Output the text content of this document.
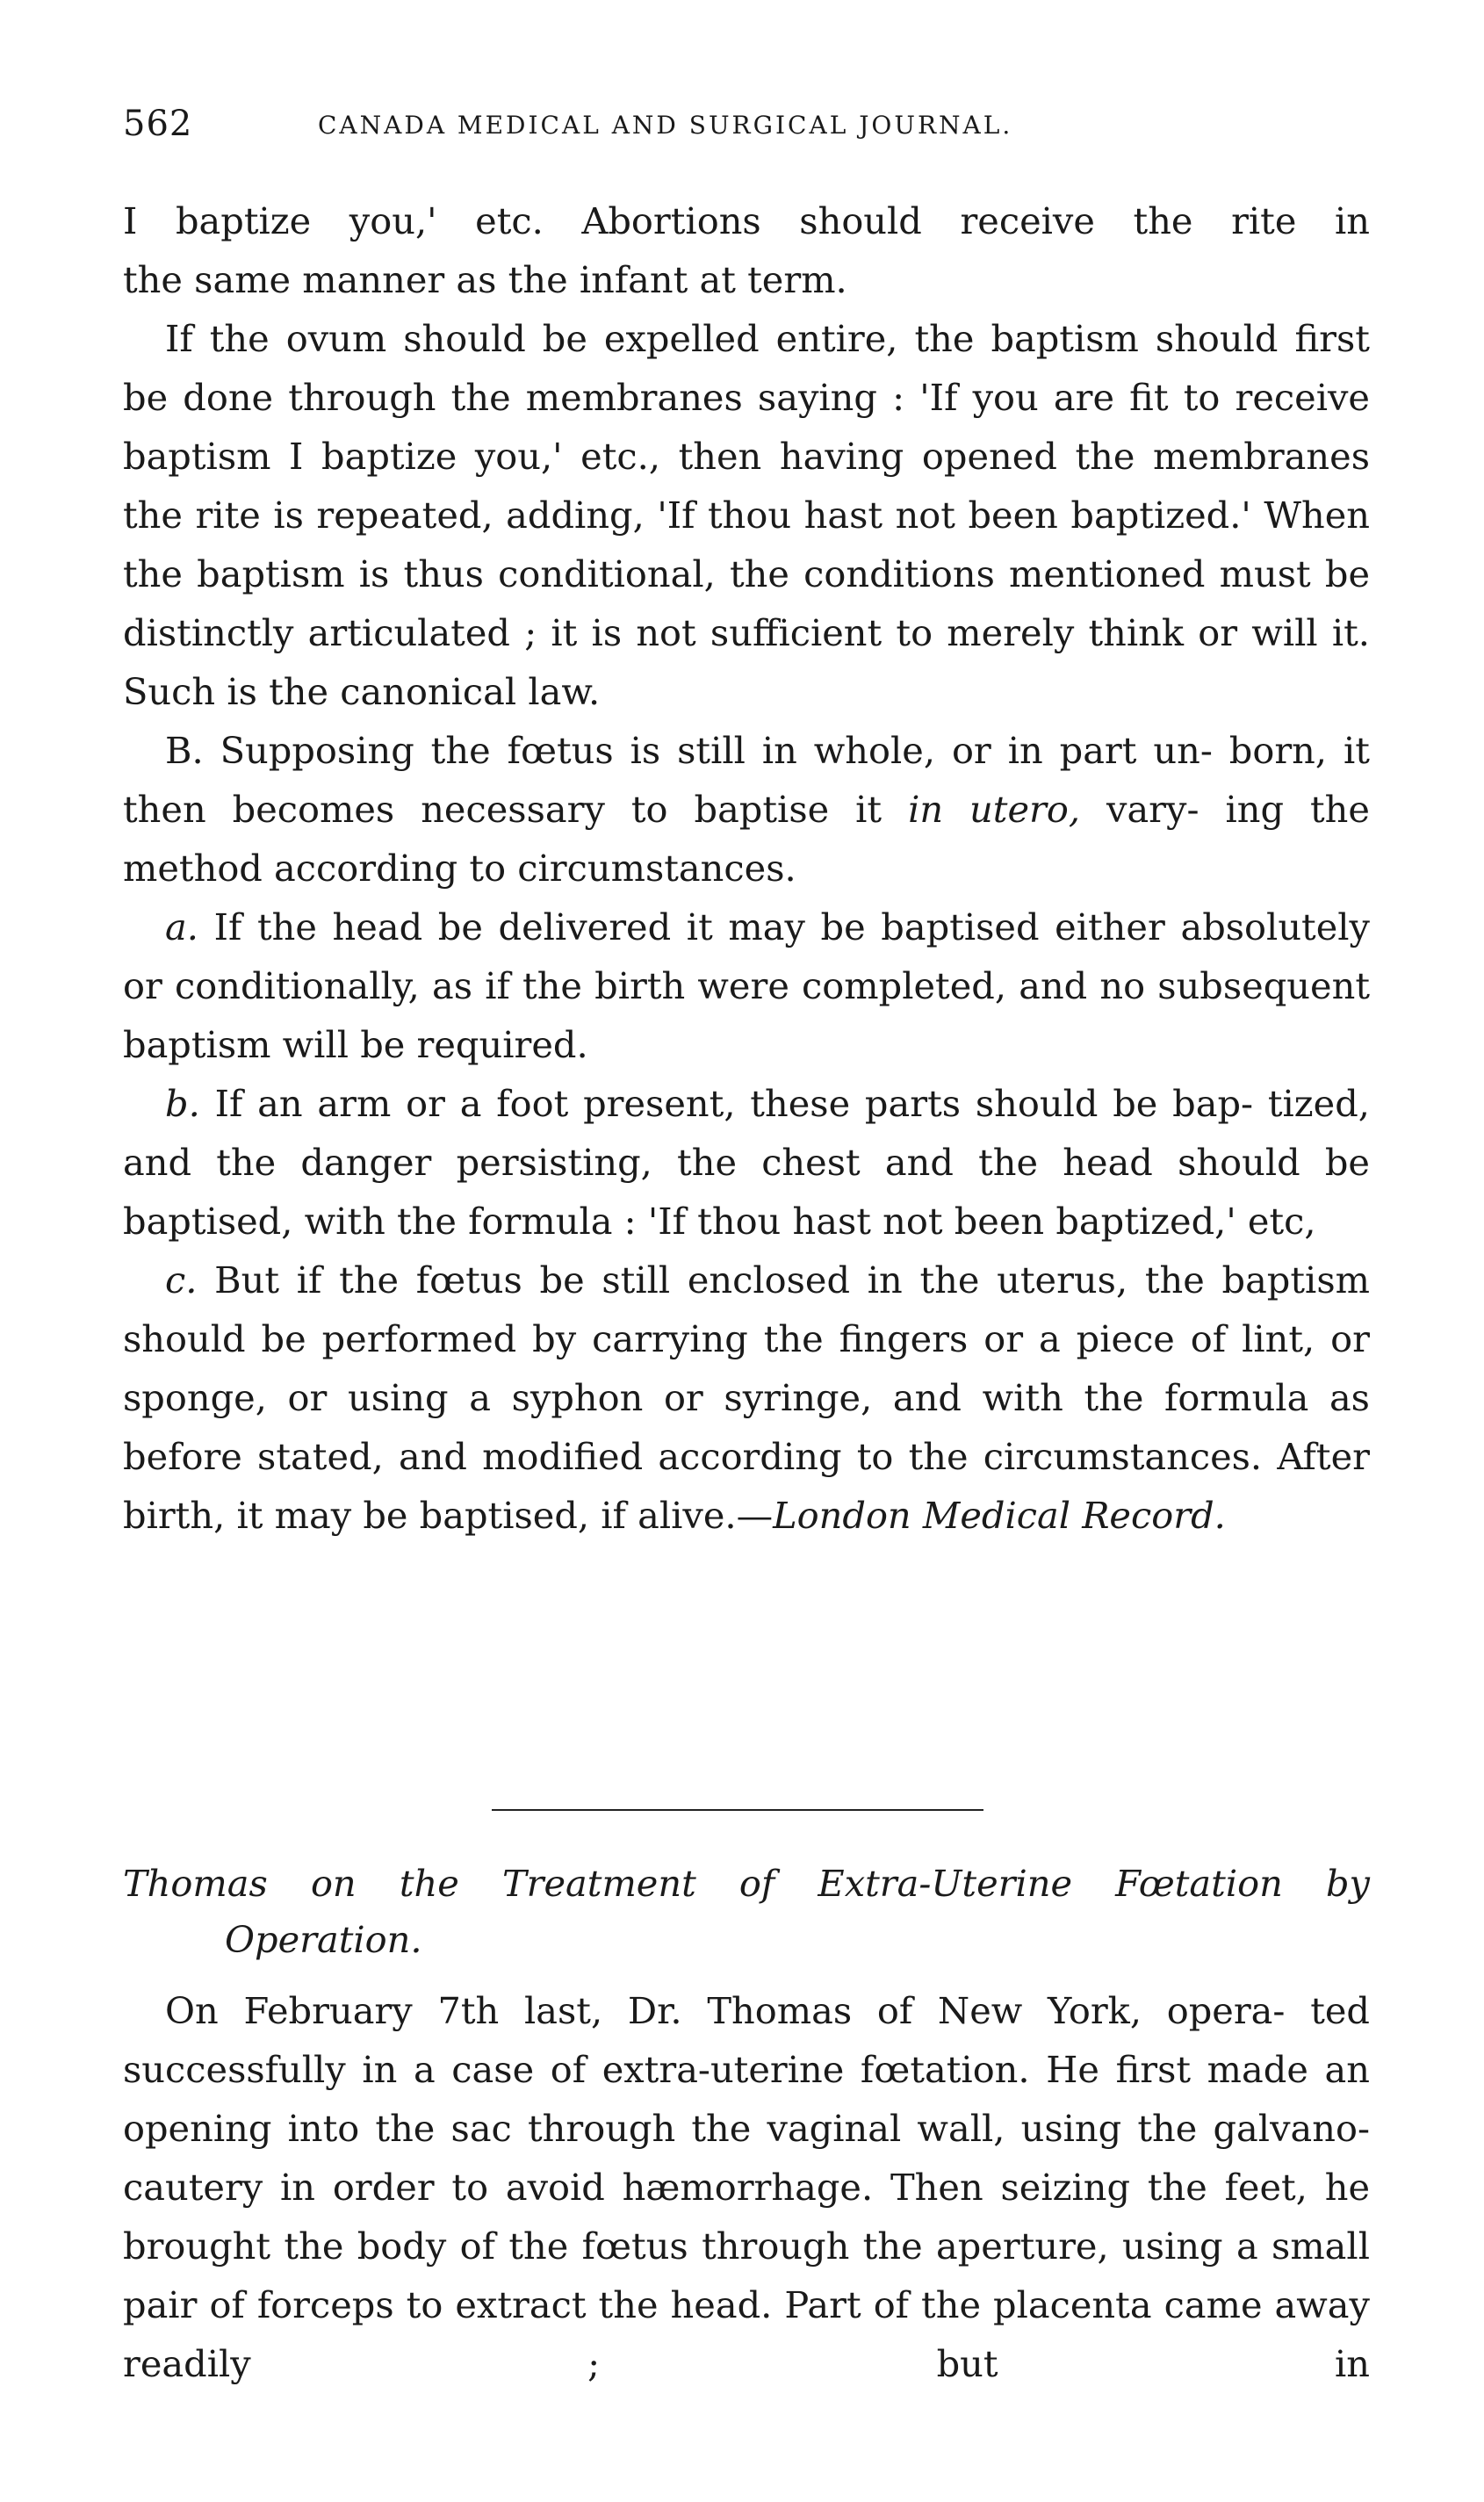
562	CANADA MEDICAL AND SURGICAL JOURNAL.

I baptize you,' etc. Abortions should receive the rite in
the same manner as the infant at term.

If the ovum should be expelled entire, the baptism should first be done through the membranes saying : 'If you are fit to receive baptism I baptize you,' etc., then having opened the membranes the rite is repeated, adding, 'If thou hast not been baptized.' When the baptism is thus conditional, the conditions mentioned must be distinctly articulated ; it is not sufficient to merely think or will it. Such is the canonical law.

B. Supposing the fœtus is still in whole, or in part un- born, it then becomes necessary to baptise it in utero, vary- ing the method according to circumstances.

a. If the head be delivered it may be baptised either absolutely or conditionally, as if the birth were completed, and no subsequent baptism will be required.

b. If an arm or a foot present, these parts should be bap- tized, and the danger persisting, the chest and the head should be baptised, with the formula : 'If thou hast not been baptized,' etc,

c. But if the fœtus be still enclosed in the uterus, the baptism should be performed by carrying the fingers or a piece of lint, or sponge, or using a syphon or syringe, and with the formula as before stated, and modified according to the circumstances. After birth, it may be baptised, if alive.—London Medical Record.

Thomas on the Treatment of Extra-Uterine Fœtation by
Operation.

On February 7th last, Dr. Thomas of New York, opera- ted successfully in a case of extra-uterine fœtation. He first made an opening into the sac through the vaginal wall, using the galvano-cautery in order to avoid hæmorrhage. Then seizing the feet, he brought the body of the fœtus through the aperture, using a small pair of forceps to extract the head. Part of the placenta came away readily ; but in
